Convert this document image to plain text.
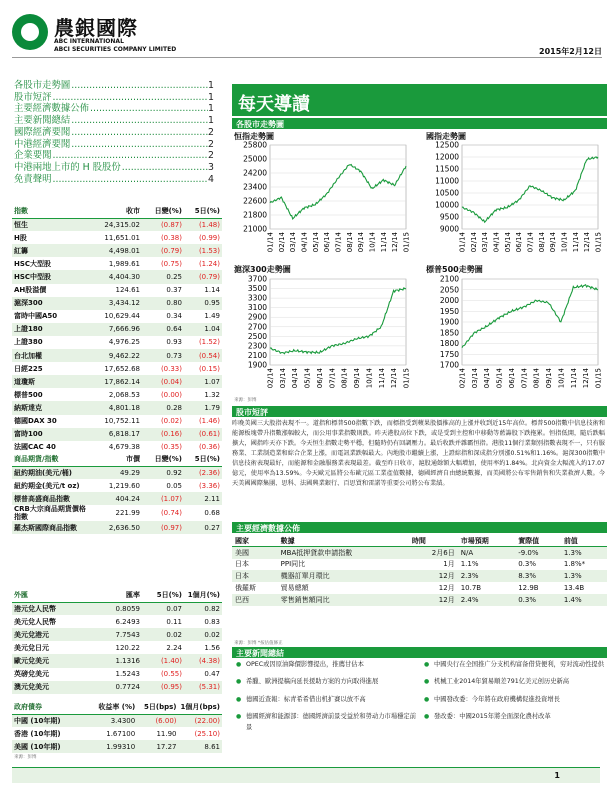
農銀國際
ABC INTERNATIONAL
ABCI SECURITIES COMPANY LIMITED	2015年2月12日
各股市走勢圖 .....	1
股市短評 .....	1
主要經濟數據公佈 .....	1
主要新聞總結 .....	1
國際經濟要聞 .....	2
中港經濟要聞 .....	2
企業要聞 .....	2
中港兩地上市的 H 股股份 .....	3
免責聲明 .....	4
每天導讀
指數	收市	日變(%)	5日(%)
恒生	24,315.02	(0.87)	(1.48)
H股	11,651.01	(0.38)	(0.99)
紅籌	4,498.01	(0.79)	(1.53)
HSC大型股	1,989.61	(0.75)	(1.24)
HSC中型股	4,404.30	0.25	(0.79)
AH股溢價	124.61	0.37	1.14
滬深300	3,434.12	0.80	0.95
富時中國A50	10,629.44	0.34	1.49
上證180	7,666.96	0.64	1.04
上證380	4,976.25	0.93	(1.52)
台北加權	9,462.22	0.73	(0.54)
日經225	17,652.68	(0.33)	(0.15)
道瓊斯	17,862.14	(0.04)	1.07
標普500	2,068.53	(0.00)	1.32
納斯達克	4,801.18	0.28	1.79
德國DAX 30	10,752.11	(0.02)	(1.46)
富時100	6,818.17	(0.16)	(0.61)
法國CAC 40	4,679.38	(0.35)	(0.36)
商品期貨/指數	市價	日變(%)	5日(%)
紐約期油(美元/桶)	49.29	0.92	(2.36)
紐約期金(美元/t oz)	1,219.60	0.05	(3.36)
標普高盛商品指數	404.24	(1.07)	2.11
CRB大宗商品期貨價格指數	221.99	(0.74)	0.68
羅杰斯國際商品指數	2,636.50	(0.97)	0.27
外匯	匯率	5日(%)	1個月(%)
港元兌人民幣	0.8059	0.07	0.82
美元兌人民幣	6.2493	0.11	0.83
美元兌港元	7.7543	0.02	0.02
美元兌日元	120.22	2.24	1.56
歐元兌美元	1.1316	(1.40)	(4.38)
英磅兌美元	1.5243	(0.55)	0.47
澳元兌美元	0.7724	(0.95)	(5.31)
政府債券	收益率 (%)	5日(bps)	1個月(bps)
中國 (10年期)	3.4300	(6.00)	(22.00)
香港 (10年期)	1.67100	11.90	(25.10)
美國 (10年期)	1.99310	17.27	8.61
來源：彭博
各股市走勢圖
恒指走勢圖	國指走勢圖
滬深300走勢圖	標普500走勢圖
21000
21800
22600
23400
24200
25000
25800
01/14 02/14 03/14 04/14 05/14 06/14 07/14 08/14 09/14 10/14 11/14 12/14 01/15
9000
9500
10000
10500
11000
11500
12000
12500
01/14 02/14 03/14 04/14 05/14 06/14 07/14 08/14 09/14 10/14 11/14 12/14 01/15
1900
2100
2300
2500
2700
2900
3100
3300
3500
3700
02/14 03/14 04/14 05/14 06/14 07/14 08/14 09/14 10/14 11/14 12/14 01/15
1700
1750
1800
1850
1900
1950
2000
2050
2100
02/14 03/14 04/14 05/14 06/14 07/14 08/14 09/14 10/14 11/14 12/14 01/15
來源：彭博
股市短評
昨晚美國三大股指表現不一。道指和標普500指數下跌，而標指受到蘋果股價推高的上漲并收到近15年高位。標普500指數中信息技術和能源板塊帶升指數漲幅較大，而公用事業指數則跌。昨天港股高位下跌，或是受到主控和中移動等藍籌股下跌拖累。恒指低開，隨后跌幅擴大，國指昨天亦下跌。今天恒生指數走勢平穩，但隨時仍有回調壓力。最后收跌并雜霸恒指。港股11個行業類別指數表現不一，只有服務業、工業制造業和綜合企業上漲，而電訊業跌幅最大。內地股市繼續上漲，上證綜指和深成指分別漲0.51%和1.16%。滬深300指數中信息技術表現最好，而能源和金融服務業表現最差。截至昨日收市，滬股通餘額大幅增加，使用率約1.84%。北向資金大幅流入約17.07億元，使用率為13.59%。今天歐元區將公布歐元區工業產值數據，德國經濟自由總統數據，而美國將公布零售銷售和失業救濟人數。今天美國國際集團、思科、法國興業銀行、百思買和雷諾等重要公司將公布業績。
主要經濟數據公佈
國家	數據	時間	市場預期	實際值	前值
美國	MBA抵押貸款申請指數	2月6日	N/A	-9.0%	1.3%
日本	PPI同比	1月	1.1%	0.3%	1.8%*
日本	機器訂單月環比	12月	2.3%	8.3%	1.3%
俄羅斯	貿易總額	12月	10.7B	12.9B	13.4B
巴西	零售銷售額同比	12月	2.4%	0.3%	1.4%
來源：彭博 *按估值修正
主要新聞總結
● OPEC或因原油降價影響提出，推薦甘估本
● 希臘、歐洲提稿向延長援助方案的方向取得進展
● 德國近查報：标青希希借出机扩賽以放不高
● 德國經濟和能源部：德國經濟前景受益於和勞动力市場穩定前景
● 中國央行在全国推广分支机构富备借贷便利，穷对流动性提供
● 机械工业2014年貿易順差791亿美元创历史新高
● 中國發改委：今年將在政府機構促進投資增長
● 發改委：中國2015年將全面深化農村改革
1
